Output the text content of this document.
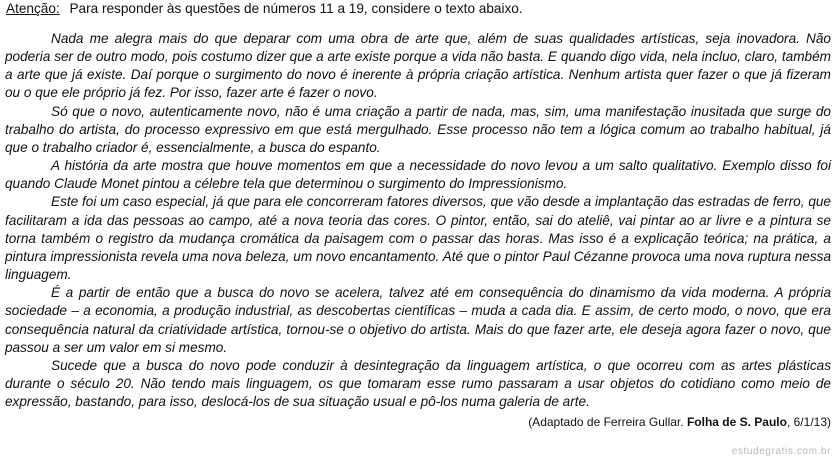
Atenção: Para responder às questões de números 11 a 19, considere o texto abaixo.

Nada me alegra mais do que deparar com uma obra de arte que, além de suas qualidades artísticas, seja inovadora. Não poderia ser de outro modo, pois costumo dizer que a arte existe porque a vida não basta. E quando digo vida, nela incluo, claro, também a arte que já existe. Daí porque o surgimento do novo é inerente à própria criação artística. Nenhum artista quer fazer o que já fizeram ou o que ele próprio já fez. Por isso, fazer arte é fazer o novo.

Só que o novo, autenticamente novo, não é uma criação a partir de nada, mas, sim, uma manifestação inusitada que surge do trabalho do artista, do processo expressivo em que está mergulhado. Esse processo não tem a lógica comum ao trabalho habitual, já que o trabalho criador é, essencialmente, a busca do espanto.

A história da arte mostra que houve momentos em que a necessidade do novo levou a um salto qualitativo. Exemplo disso foi quando Claude Monet pintou a célebre tela que determinou o surgimento do Impressionismo.

Este foi um caso especial, já que para ele concorreram fatores diversos, que vão desde a implantação das estradas de ferro, que facilitaram a ida das pessoas ao campo, até a nova teoria das cores. O pintor, então, sai do ateliê, vai pintar ao ar livre e a pintura se torna também o registro da mudança cromática da paisagem com o passar das horas. Mas isso é a explicação teórica; na prática, a pintura impressionista revela uma nova beleza, um novo encantamento. Até que o pintor Paul Cézanne provoca uma nova ruptura nessa linguagem.

É a partir de então que a busca do novo se acelera, talvez até em consequência do dinamismo da vida moderna. A própria sociedade – a economia, a produção industrial, as descobertas científicas – muda a cada dia. E assim, de certo modo, o novo, que era consequência natural da criatividade artística, tornou-se o objetivo do artista. Mais do que fazer arte, ele deseja agora fazer o novo, que passou a ser um valor em si mesmo.

Sucede que a busca do novo pode conduzir à desintegração da linguagem artística, o que ocorreu com as artes plásticas durante o século 20. Não tendo mais linguagem, os que tomaram esse rumo passaram a usar objetos do cotidiano como meio de expressão, bastando, para isso, deslocá-los de sua situação usual e pô-los numa galeria de arte.

(Adaptado de Ferreira Gullar. Folha de S. Paulo, 6/1/13)
estudegratis.com.br
